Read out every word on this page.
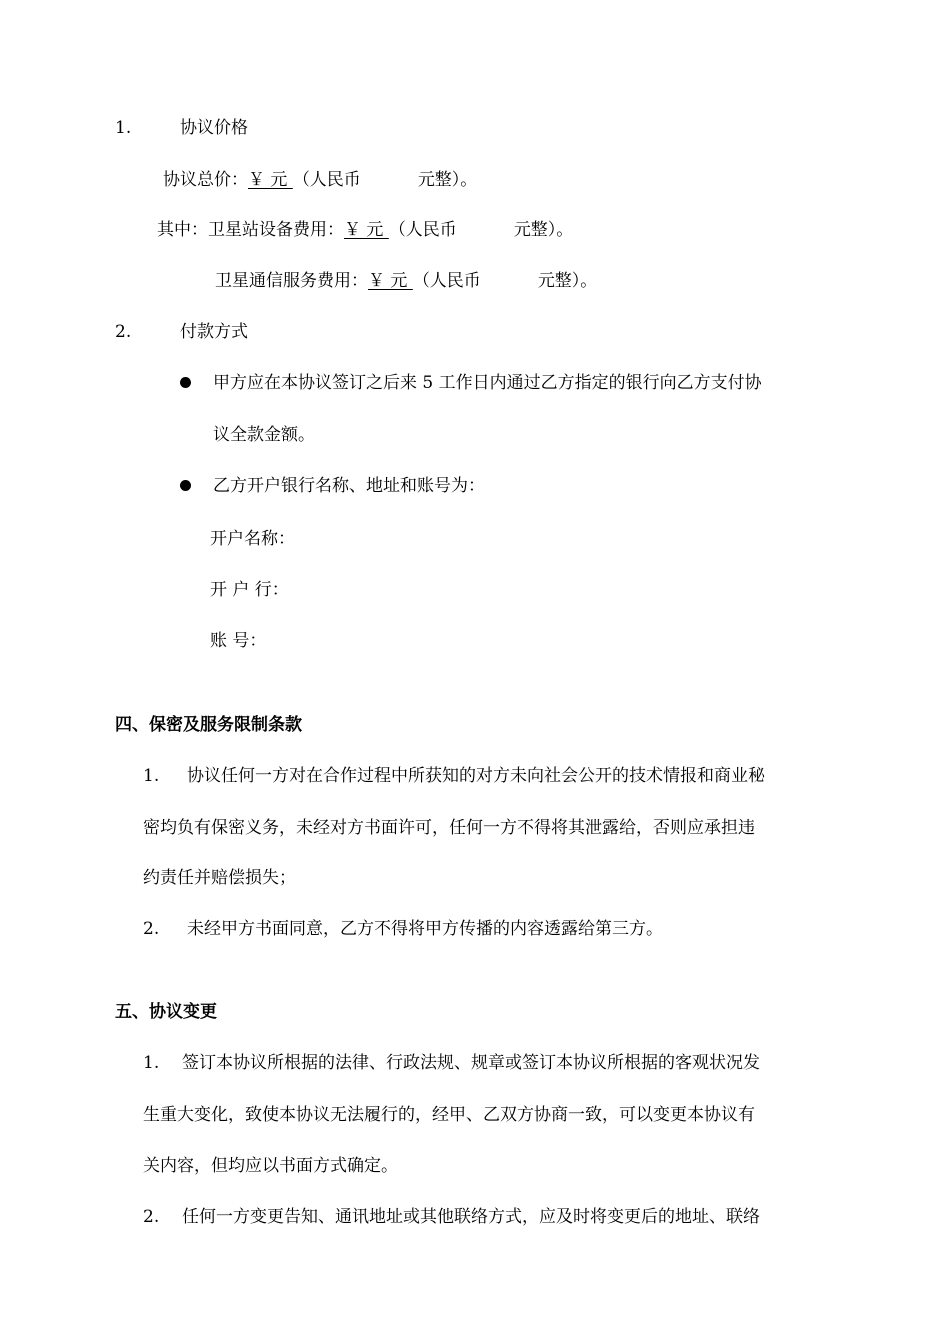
1.	协议价格
协议总价：￥ 元 （人民币	元整）。
其中：卫星站设备费用：￥ 元 （人民币	元整）。
卫星通信服务费用：￥ 元 （人民币	元整）。
2.	付款方式
甲方应在本协议签订之后来 5 工作日内通过乙方指定的银行向乙方支付协
议全款金额。
乙方开户银行名称、地址和账号为：
开户名称：
开 户 行：
账 号：
四、保密及服务限制条款
1. 协议任何一方对在合作过程中所获知的对方未向社会公开的技术情报和商业秘
密均负有保密义务，未经对方书面许可，任何一方不得将其泄露给，否则应承担违
约责任并赔偿损失；
2. 未经甲方书面同意，乙方不得将甲方传播的内容透露给第三方。
五、协议变更
1. 签订本协议所根据的法律、行政法规、规章或签订本协议所根据的客观状况发
生重大变化，致使本协议无法履行的，经甲、乙双方协商一致，可以变更本协议有
关内容，但均应以书面方式确定。
2. 任何一方变更告知、通讯地址或其他联络方式，应及时将变更后的地址、联络
